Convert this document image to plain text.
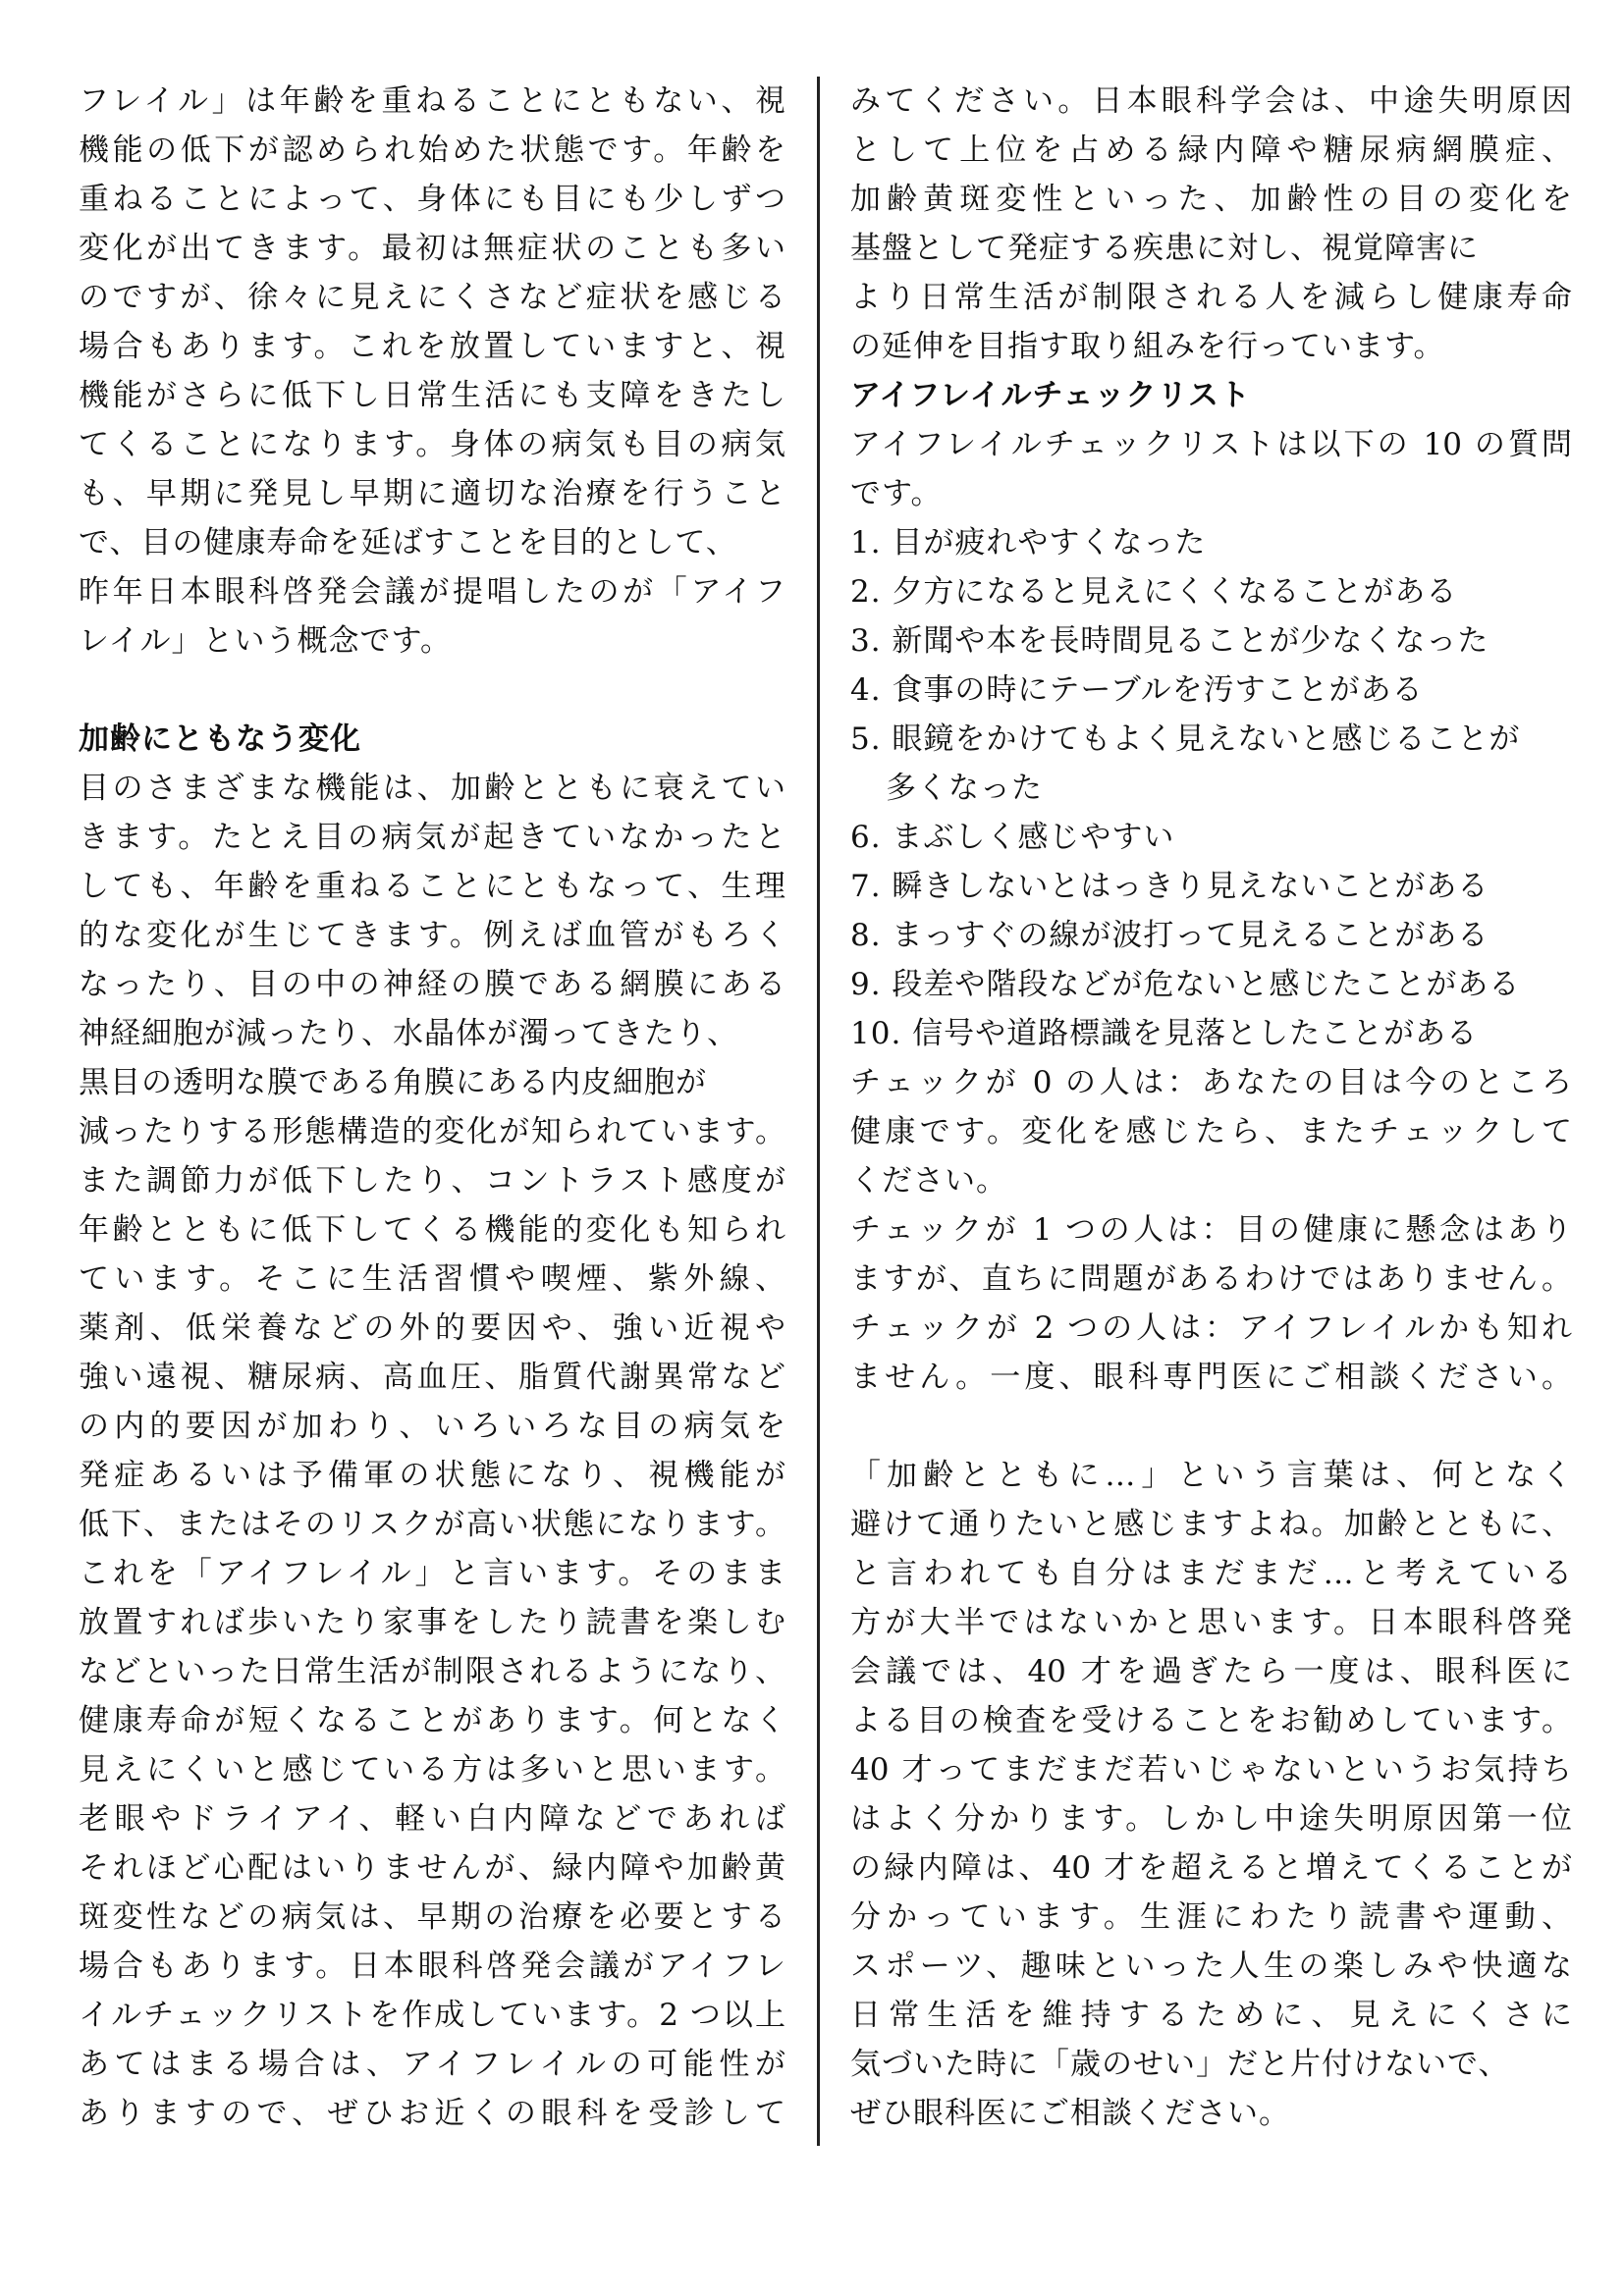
フレイル」は年齢を重ねることにともない、視
機能の低下が認められ始めた状態です。年齢を
重ねることによって、身体にも目にも少しずつ
変化が出てきます。最初は無症状のことも多い
のですが、徐々に見えにくさなど症状を感じる
場合もあります。これを放置していますと、視
機能がさらに低下し日常生活にも支障をきたし
てくることになります。身体の病気も目の病気
も、早期に発見し早期に適切な治療を行うこと
で、目の健康寿命を延ばすことを目的として、
昨年日本眼科啓発会議が提唱したのが「アイフ
レイル」という概念です。
加齢にともなう変化
目のさまざまな機能は、加齢とともに衰えてい
きます。たとえ目の病気が起きていなかったと
しても、年齢を重ねることにともなって、生理
的な変化が生じてきます。例えば血管がもろく
なったり、目の中の神経の膜である網膜にある
神経細胞が減ったり、水晶体が濁ってきたり、
黒目の透明な膜である角膜にある内皮細胞が
減ったりする形態構造的変化が知られています。
また調節力が低下したり、コントラスト感度が
年齢とともに低下してくる機能的変化も知られ
ています。そこに生活習慣や喫煙、紫外線、
薬剤、低栄養などの外的要因や、強い近視や
強い遠視、糖尿病、高血圧、脂質代謝異常など
の内的要因が加わり、いろいろな目の病気を
発症あるいは予備軍の状態になり、視機能が
低下、またはそのリスクが高い状態になります。
これを「アイフレイル」と言います。そのまま
放置すれば歩いたり家事をしたり読書を楽しむ
などといった日常生活が制限されるようになり、
健康寿命が短くなることがあります。何となく
見えにくいと感じている方は多いと思います。
老眼やドライアイ、軽い白内障などであれば
それほど心配はいりませんが、緑内障や加齢黄
斑変性などの病気は、早期の治療を必要とする
場合もあります。日本眼科啓発会議がアイフレ
イルチェックリストを作成しています。2 つ以上
あてはまる場合は、アイフレイルの可能性が
ありますので、ぜひお近くの眼科を受診して
みてください。日本眼科学会は、中途失明原因
として上位を占める緑内障や糖尿病網膜症、
加齢黄斑変性といった、加齢性の目の変化を
基盤として発症する疾患に対し、視覚障害に
より日常生活が制限される人を減らし健康寿命
の延伸を目指す取り組みを行っています。
アイフレイルチェックリスト
アイフレイルチェックリストは以下の 10 の質問
です。
1. 目が疲れやすくなった
2. 夕方になると見えにくくなることがある
3. 新聞や本を長時間見ることが少なくなった
4. 食事の時にテーブルを汚すことがある
5. 眼鏡をかけてもよく見えないと感じることが
多くなった
6. まぶしく感じやすい
7. 瞬きしないとはっきり見えないことがある
8. まっすぐの線が波打って見えることがある
9. 段差や階段などが危ないと感じたことがある
10. 信号や道路標識を見落としたことがある
チェックが 0 の人は：あなたの目は今のところ
健康です。変化を感じたら、またチェックして
ください。
チェックが 1 つの人は：目の健康に懸念はあり
ますが、直ちに問題があるわけではありません。
チェックが 2 つの人は：アイフレイルかも知れ
ません。一度、眼科専門医にご相談ください。
「加齢とともに…」という言葉は、何となく
避けて通りたいと感じますよね。加齢とともに、
と言われても自分はまだまだ…と考えている
方が大半ではないかと思います。日本眼科啓発
会議では、40 才を過ぎたら一度は、眼科医に
よる目の検査を受けることをお勧めしています。
40 才ってまだまだ若いじゃないというお気持ち
はよく分かります。しかし中途失明原因第一位
の緑内障は、40 才を超えると増えてくることが
分かっています。生涯にわたり読書や運動、
スポーツ、趣味といった人生の楽しみや快適な
日常生活を維持するために、見えにくさに
気づいた時に「歳のせい」だと片付けないで、
ぜひ眼科医にご相談ください。
